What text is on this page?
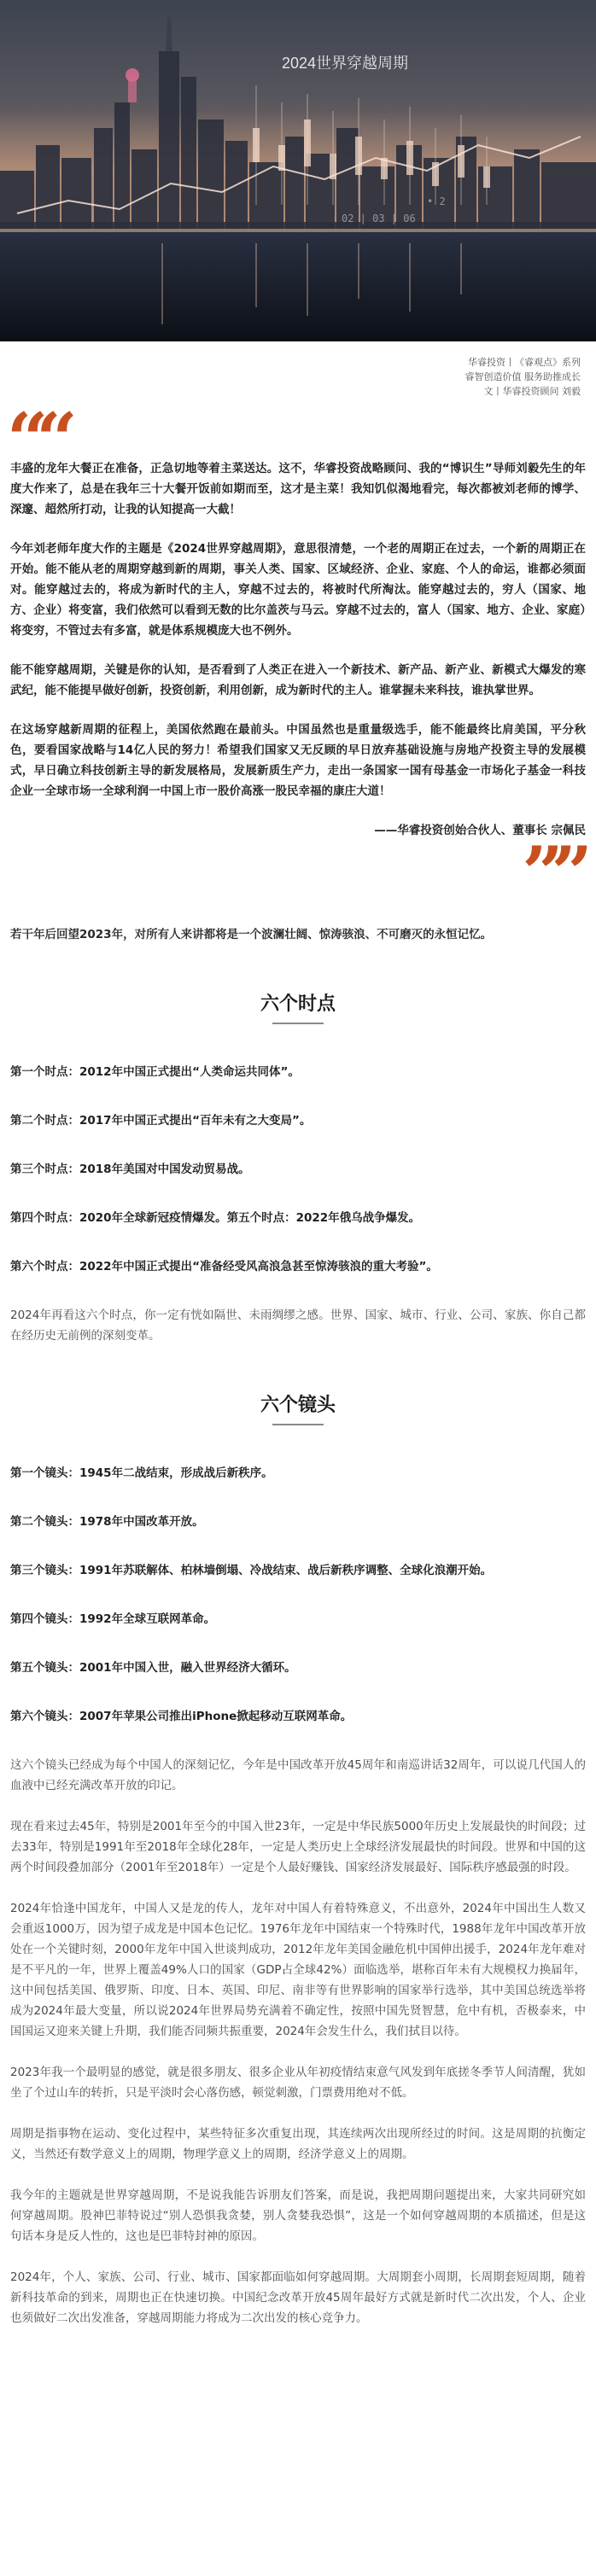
2024世界穿越周期
02 | 03 | 06
• 2
华睿投资丨《睿观点》系列
睿智创造价值 服务助推成长
文丨华睿投资顾问 刘毅
““

丰盛的龙年大餐正在准备，正急切地等着主菜送达。这不，华睿投资战略顾问、我的“博识生”导师刘毅先生的年度大作来了，总是在我年三十大餐开饭前如期而至，这才是主菜！我知饥似渴地看完，每次都被刘老师的博学、深邃、超然所打动，让我的认知提高一大截！

今年刘老师年度大作的主题是《2024世界穿越周期》，意思很清楚，一个老的周期正在过去，一个新的周期正在开始。能不能从老的周期穿越到新的周期，事关人类、国家、区域经济、企业、家庭、个人的命运，谁都必须面对。能穿越过去的，将成为新时代的主人，穿越不过去的，将被时代所淘汰。能穿越过去的，穷人（国家、地方、企业）将变富，我们依然可以看到无数的比尔盖茨与马云。穿越不过去的，富人（国家、地方、企业、家庭）将变穷，不管过去有多富，就是体系规模庞大也不例外。

能不能穿越周期，关键是你的认知，是否看到了人类正在进入一个新技术、新产品、新产业、新模式大爆发的寒武纪，能不能提早做好创新，投资创新，利用创新，成为新时代的主人。谁掌握未来科技，谁执掌世界。

在这场穿越新周期的征程上，美国依然跑在最前头。中国虽然也是重量级选手，能不能最终比肩美国，平分秋色，要看国家战略与14亿人民的努力！希望我们国家又无反顾的早日放弃基础设施与房地产投资主导的发展模式，早日确立科技创新主导的新发展格局，发展新质生产力，走出一条国家一国有母基金一市场化子基金一科技企业一全球市场一全球利润一中国上市一股价高涨一股民幸福的康庄大道！

——华睿投资创始合伙人、董事长 宗佩民

””

若干年后回望2023年，对所有人来讲都将是一个波澜壮阔、惊涛骇浪、不可磨灭的永恒记忆。

六个时点

第一个时点：2012年中国正式提出“人类命运共同体”。

第二个时点：2017年中国正式提出“百年未有之大变局”。

第三个时点：2018年美国对中国发动贸易战。

第四个时点：2020年全球新冠疫情爆发。第五个时点：2022年俄乌战争爆发。

第六个时点：2022年中国正式提出“准备经受风高浪急甚至惊涛骇浪的重大考验”。

2024年再看这六个时点，你一定有恍如隔世、未雨绸缪之感。世界、国家、城市、行业、公司、家族、你自己都在经历史无前例的深刻变革。

六个镜头

第一个镜头：1945年二战结束，形成战后新秩序。

第二个镜头：1978年中国改革开放。

第三个镜头：1991年苏联解体、柏林墙倒塌、冷战结束、战后新秩序调整、全球化浪潮开始。

第四个镜头：1992年全球互联网革命。

第五个镜头：2001年中国入世，融入世界经济大循环。

第六个镜头：2007年苹果公司推出iPhone掀起移动互联网革命。

这六个镜头已经成为每个中国人的深刻记忆，今年是中国改革开放45周年和南巡讲话32周年，可以说几代国人的血液中已经充满改革开放的印记。

现在看来过去45年，特别是2001年至今的中国入世23年，一定是中华民族5000年历史上发展最快的时间段；过去33年，特别是1991年至2018年全球化28年，一定是人类历史上全球经济发展最快的时间段。世界和中国的这两个时间段叠加部分（2001年至2018年）一定是个人最好赚钱、国家经济发展最好、国际秩序感最强的时段。

2024年恰逢中国龙年，中国人又是龙的传人，龙年对中国人有着特殊意义，不出意外，2024年中国出生人数又会重返1000万，因为望子成龙是中国本色记忆。1976年龙年中国结束一个特殊时代，1988年龙年中国改革开放处在一个关键时刻，2000年龙年中国入世谈判成功，2012年龙年美国金融危机中国伸出援手，2024年龙年难对是不平凡的一年，世界上覆盖49%人口的国家（GDP占全球42%）面临选举，堪称百年未有大规模权力换届年，这中间包括美国、俄罗斯、印度、日本、英国、印尼、南非等有世界影响的国家举行选举，其中美国总统选举将成为2024年最大变量，所以说2024年世界局势充满着不确定性，按照中国先贤智慧，危中有机，否极泰来，中国国运又迎来关键上升期，我们能否同频共振重要，2024年会发生什么，我们拭目以待。

2023年我一个最明显的感觉，就是很多朋友、很多企业从年初疫情结束意气风发到年底搓冬季节人间清醒，犹如坐了个过山车的转折，只是平淡时会心落伤感，顿觉刺激，门票费用绝对不低。

周期是指事物在运动、变化过程中，某些特征多次重复出现，其连续两次出现所经过的时间。这是周期的抗衡定义，当然还有数学意义上的周期，物理学意义上的周期，经济学意义上的周期。

我今年的主题就是世界穿越周期，不是说我能告诉朋友们答案，而是说，我把周期问题提出来，大家共同研究如何穿越周期。股神巴菲特说过“别人恐惧我贪婪，别人贪婪我恐惧”，这是一个如何穿越周期的本质描述，但是这句话本身是反人性的，这也是巴菲特封神的原因。

2024年，个人、家族、公司、行业、城市、国家都面临如何穿越周期。大周期套小周期，长周期套短周期，随着新科技革命的到来，周期也正在快速切换。中国纪念改革开放45周年最好方式就是新时代二次出发，个人、企业也须做好二次出发准备，穿越周期能力将成为二次出发的核心竞争力。
